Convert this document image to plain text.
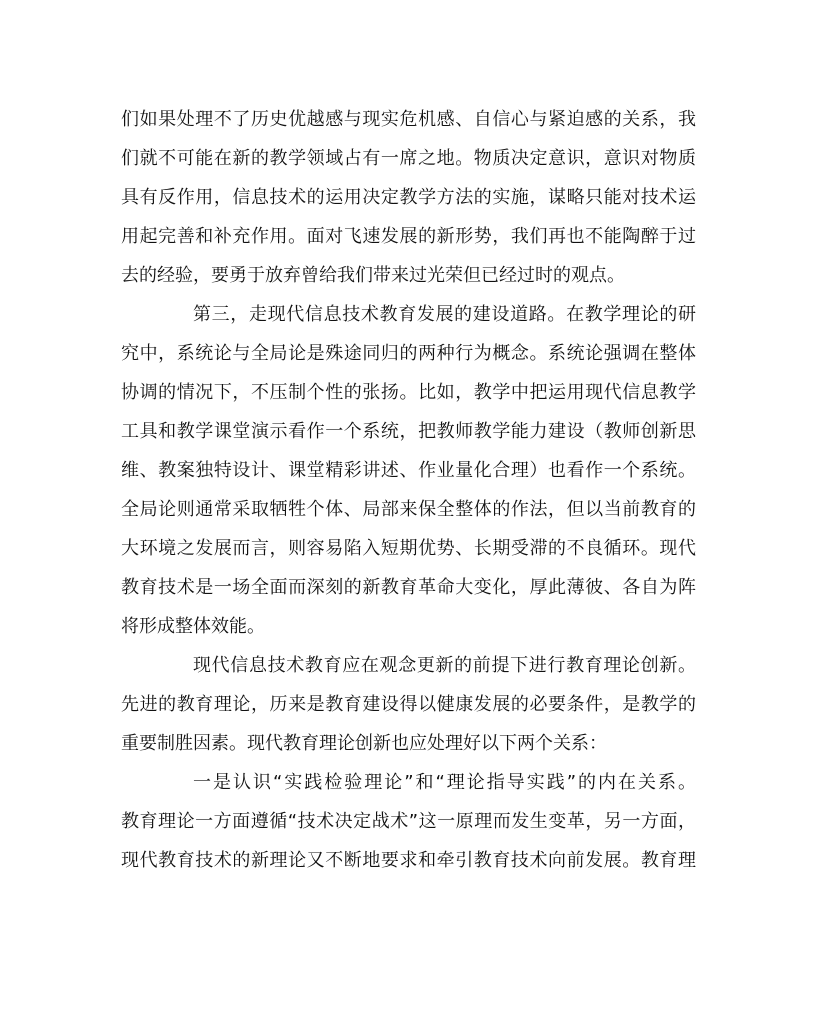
们如果处理不了历史优越感与现实危机感、自信心与紧迫感的关系，我
们就不可能在新的教学领域占有一席之地。物质决定意识，意识对物质
具有反作用，信息技术的运用决定教学方法的实施，谋略只能对技术运
用起完善和补充作用。面对飞速发展的新形势，我们再也不能陶醉于过
去的经验，要勇于放弃曾给我们带来过光荣但已经过时的观点。
第三，走现代信息技术教育发展的建设道路。在教学理论的研
究中，系统论与全局论是殊途同归的两种行为概念。系统论强调在整体
协调的情况下，不压制个性的张扬。比如，教学中把运用现代信息教学
工具和教学课堂演示看作一个系统，把教师教学能力建设（教师创新思
维、教案独特设计、课堂精彩讲述、作业量化合理）也看作一个系统。
全局论则通常采取牺牲个体、局部来保全整体的作法，但以当前教育的
大环境之发展而言，则容易陷入短期优势、长期受滞的不良循环。现代
教育技术是一场全面而深刻的新教育革命大变化，厚此薄彼、各自为阵
将形成整体效能。
现代信息技术教育应在观念更新的前提下进行教育理论创新。
先进的教育理论，历来是教育建设得以健康发展的必要条件，是教学的
重要制胜因素。现代教育理论创新也应处理好以下两个关系：
一是认识“实践检验理论”和“理论指导实践”的内在关系。
教育理论一方面遵循“技术决定战术”这一原理而发生变革，另一方面，
现代教育技术的新理论又不断地要求和牵引教育技术向前发展。教育理
